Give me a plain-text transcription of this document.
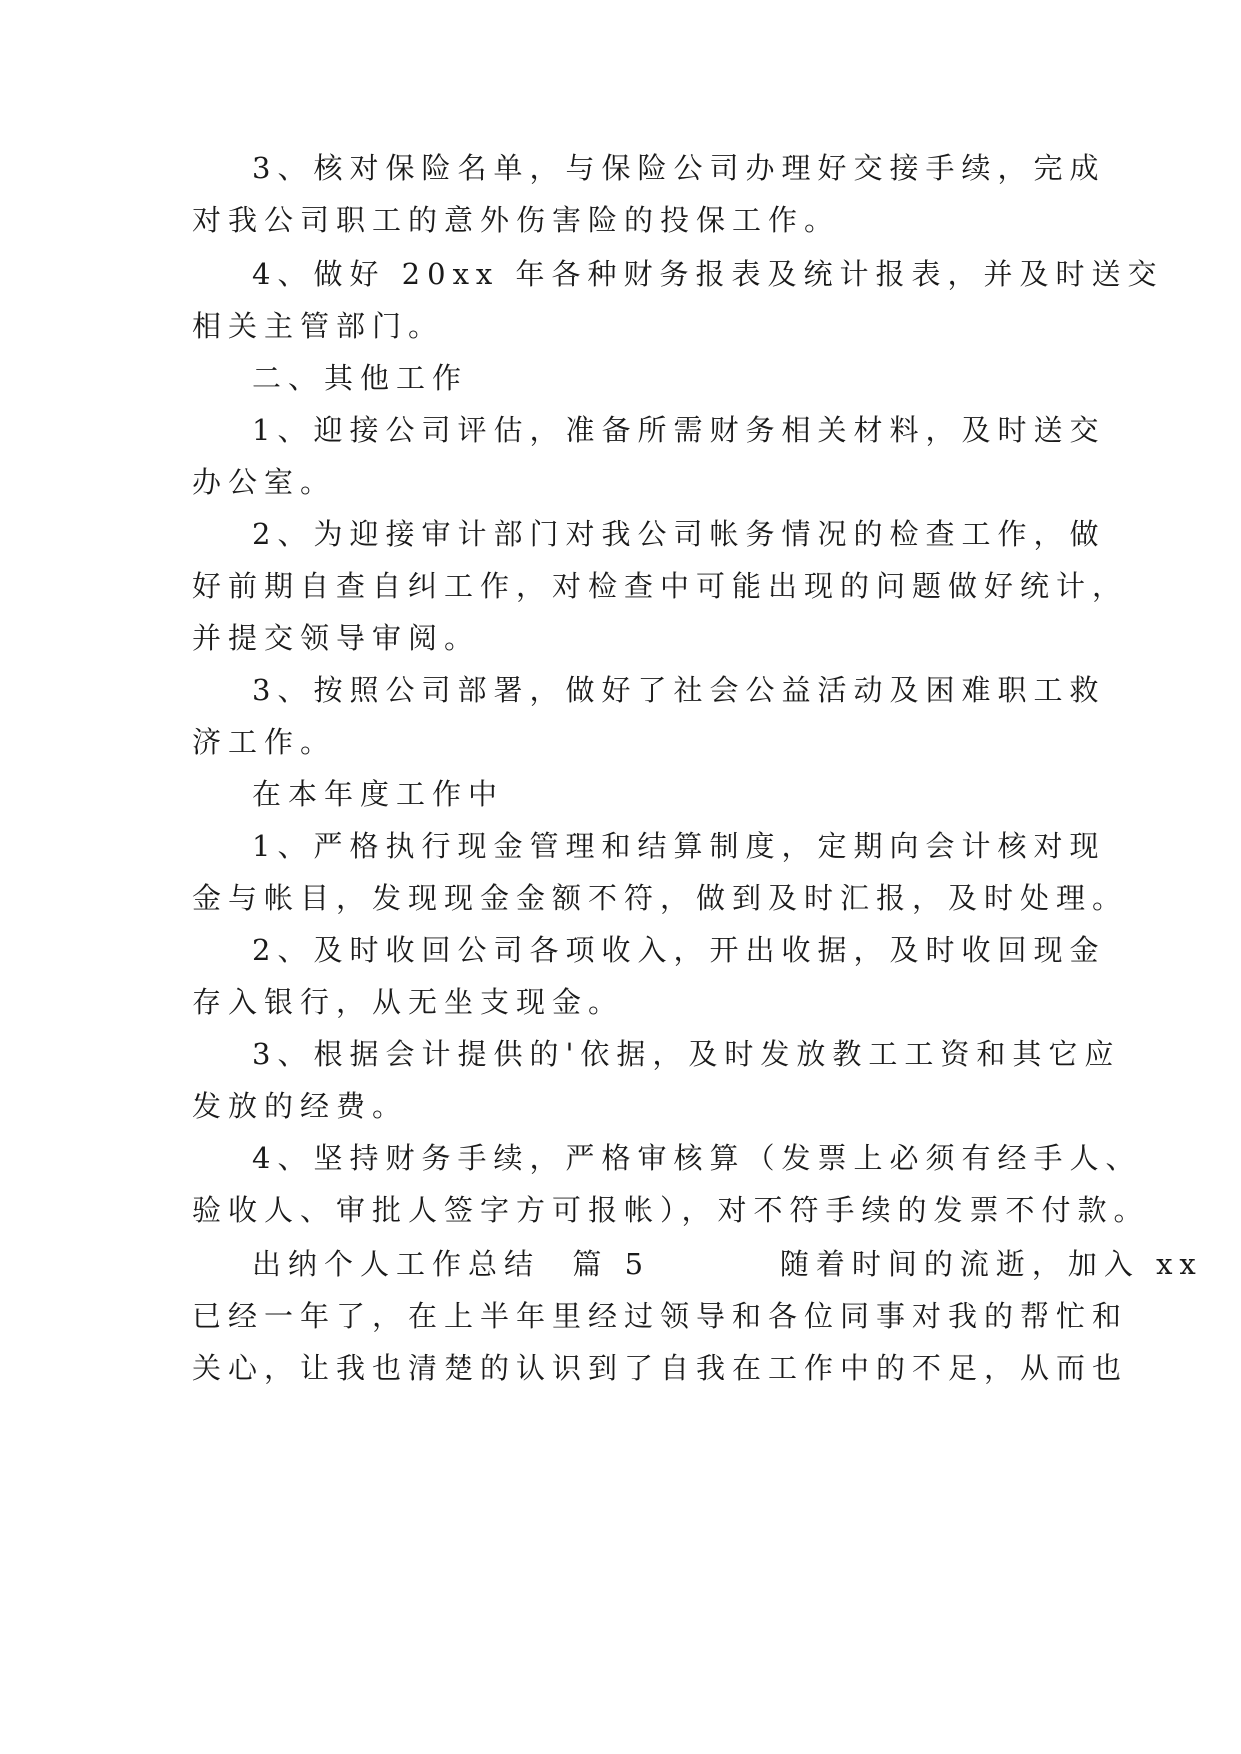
3、核对保险名单，与保险公司办理好交接手续，完成
对我公司职工的意外伤害险的投保工作。
4、做好 20xx 年各种财务报表及统计报表，并及时送交
相关主管部门。
二、其他工作
1、迎接公司评估，准备所需财务相关材料，及时送交
办公室。
2、为迎接审计部门对我公司帐务情况的检查工作，做
好前期自查自纠工作，对检查中可能出现的问题做好统计，
并提交领导审阅。
3、按照公司部署，做好了社会公益活动及困难职工救
济工作。
在本年度工作中
1、严格执行现金管理和结算制度，定期向会计核对现
金与帐目，发现现金金额不符，做到及时汇报，及时处理。
2、及时收回公司各项收入，开出收据，及时收回现金
存入银行，从无坐支现金。
3、根据会计提供的'依据，及时发放教工工资和其它应
发放的经费。
4、坚持财务手续，严格审核算（发票上必须有经手人、
验收人、审批人签字方可报帐），对不符手续的发票不付款。
出纳个人工作总结  篇 5        随着时间的流逝，加入 xx
已经一年了，在上半年里经过领导和各位同事对我的帮忙和
关心，让我也清楚的认识到了自我在工作中的不足，从而也
